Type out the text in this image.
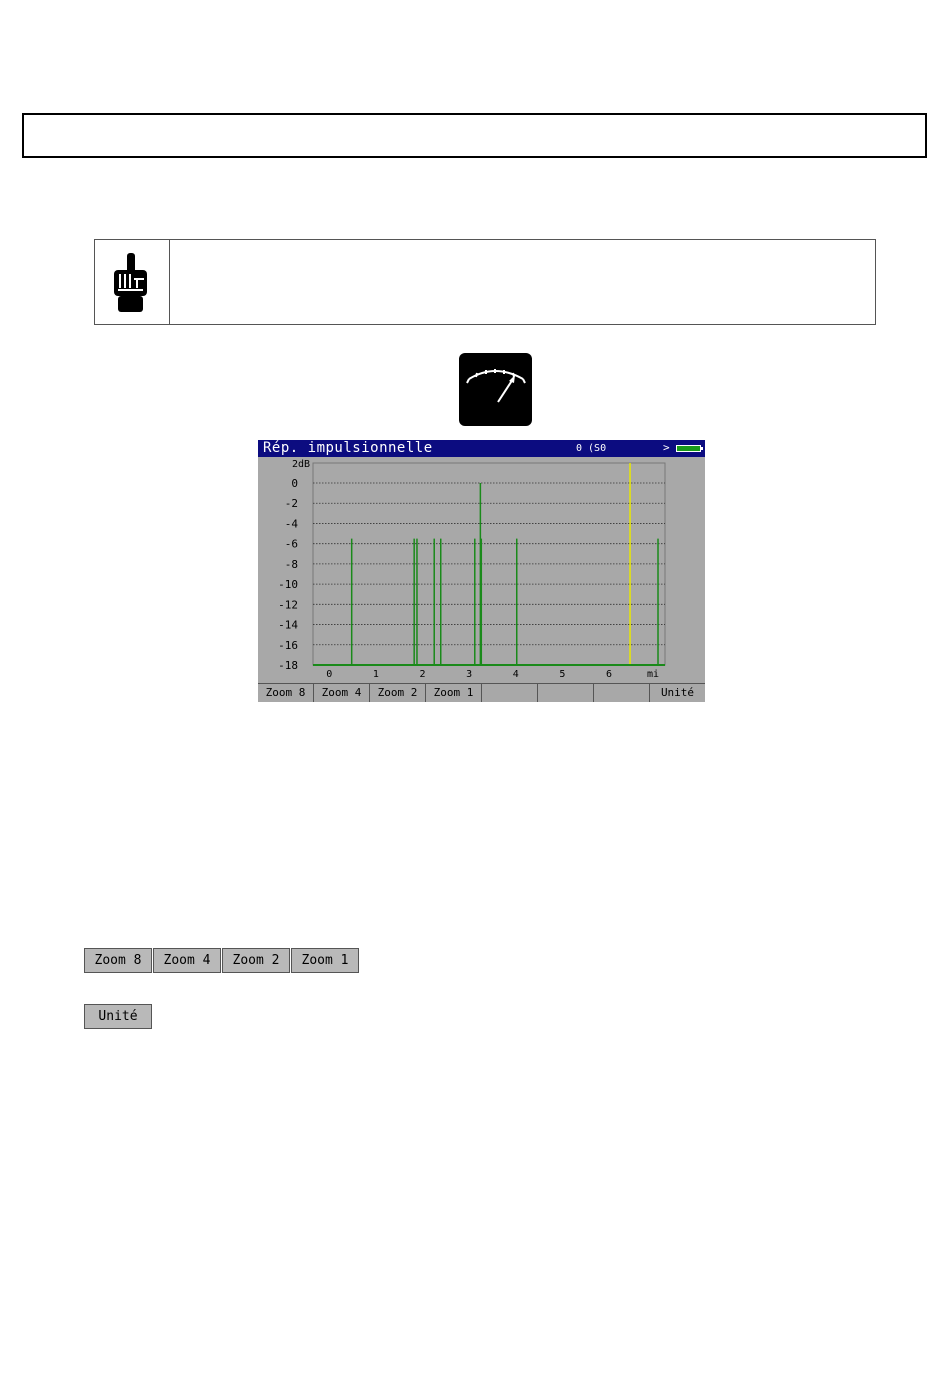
Rép. impulsionnelle	0 (S0	>
0
-2
-4
-6
-8
-10
-12
-14
-16
-18
0	1	2	3	4	5	6
2dB
mi
Zoom 8	Zoom 4	Zoom 2	Zoom 1	Unité
Zoom 8	Zoom 4	Zoom 2	Zoom 1
Unité
